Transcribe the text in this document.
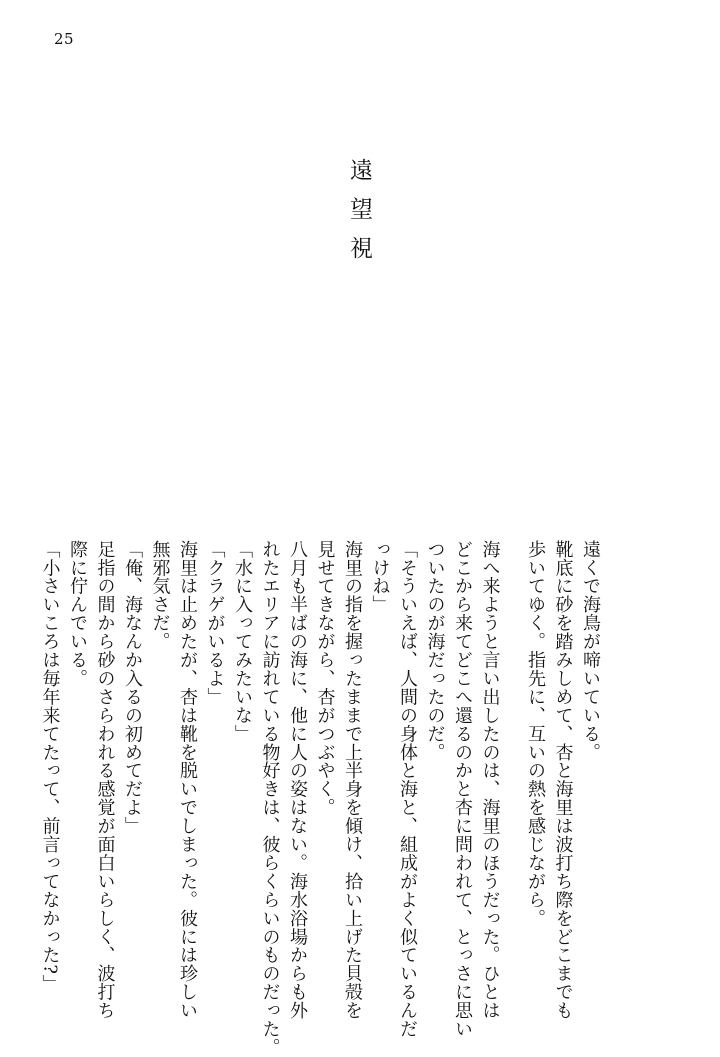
25
遠望視
遠くで海鳥が啼いている。
靴底に砂を踏みしめて、杏と海里は波打ち際をどこまでも
歩いてゆく。指先に、互いの熱を感じながら。
海へ来ようと言い出したのは、海里のほうだった。ひとは
どこから来てどこへ還るのかと杏に問われて、とっさに思い
ついたのが海だったのだ。
「そういえば、人間の身体と海と、組成がよく似ているんだ
っけね」
海里の指を握ったままで上半身を傾け、拾い上げた貝殻を
見せてきながら、杏がつぶやく。
八月も半ばの海に、他に人の姿はない。海水浴場からも外
れたエリアに訪れている物好きは、彼らくらいのものだった。
「水に入ってみたいな」
「クラゲがいるよ」
海里は止めたが、杏は靴を脱いでしまった。彼には珍しい
無邪気さだ。
「俺、海なんか入るの初めてだよ」
足指の間から砂のさらわれる感覚が面白いらしく、波打ち
際に佇んでいる。
「小さいころは毎年来てたって、前言ってなかった?」
